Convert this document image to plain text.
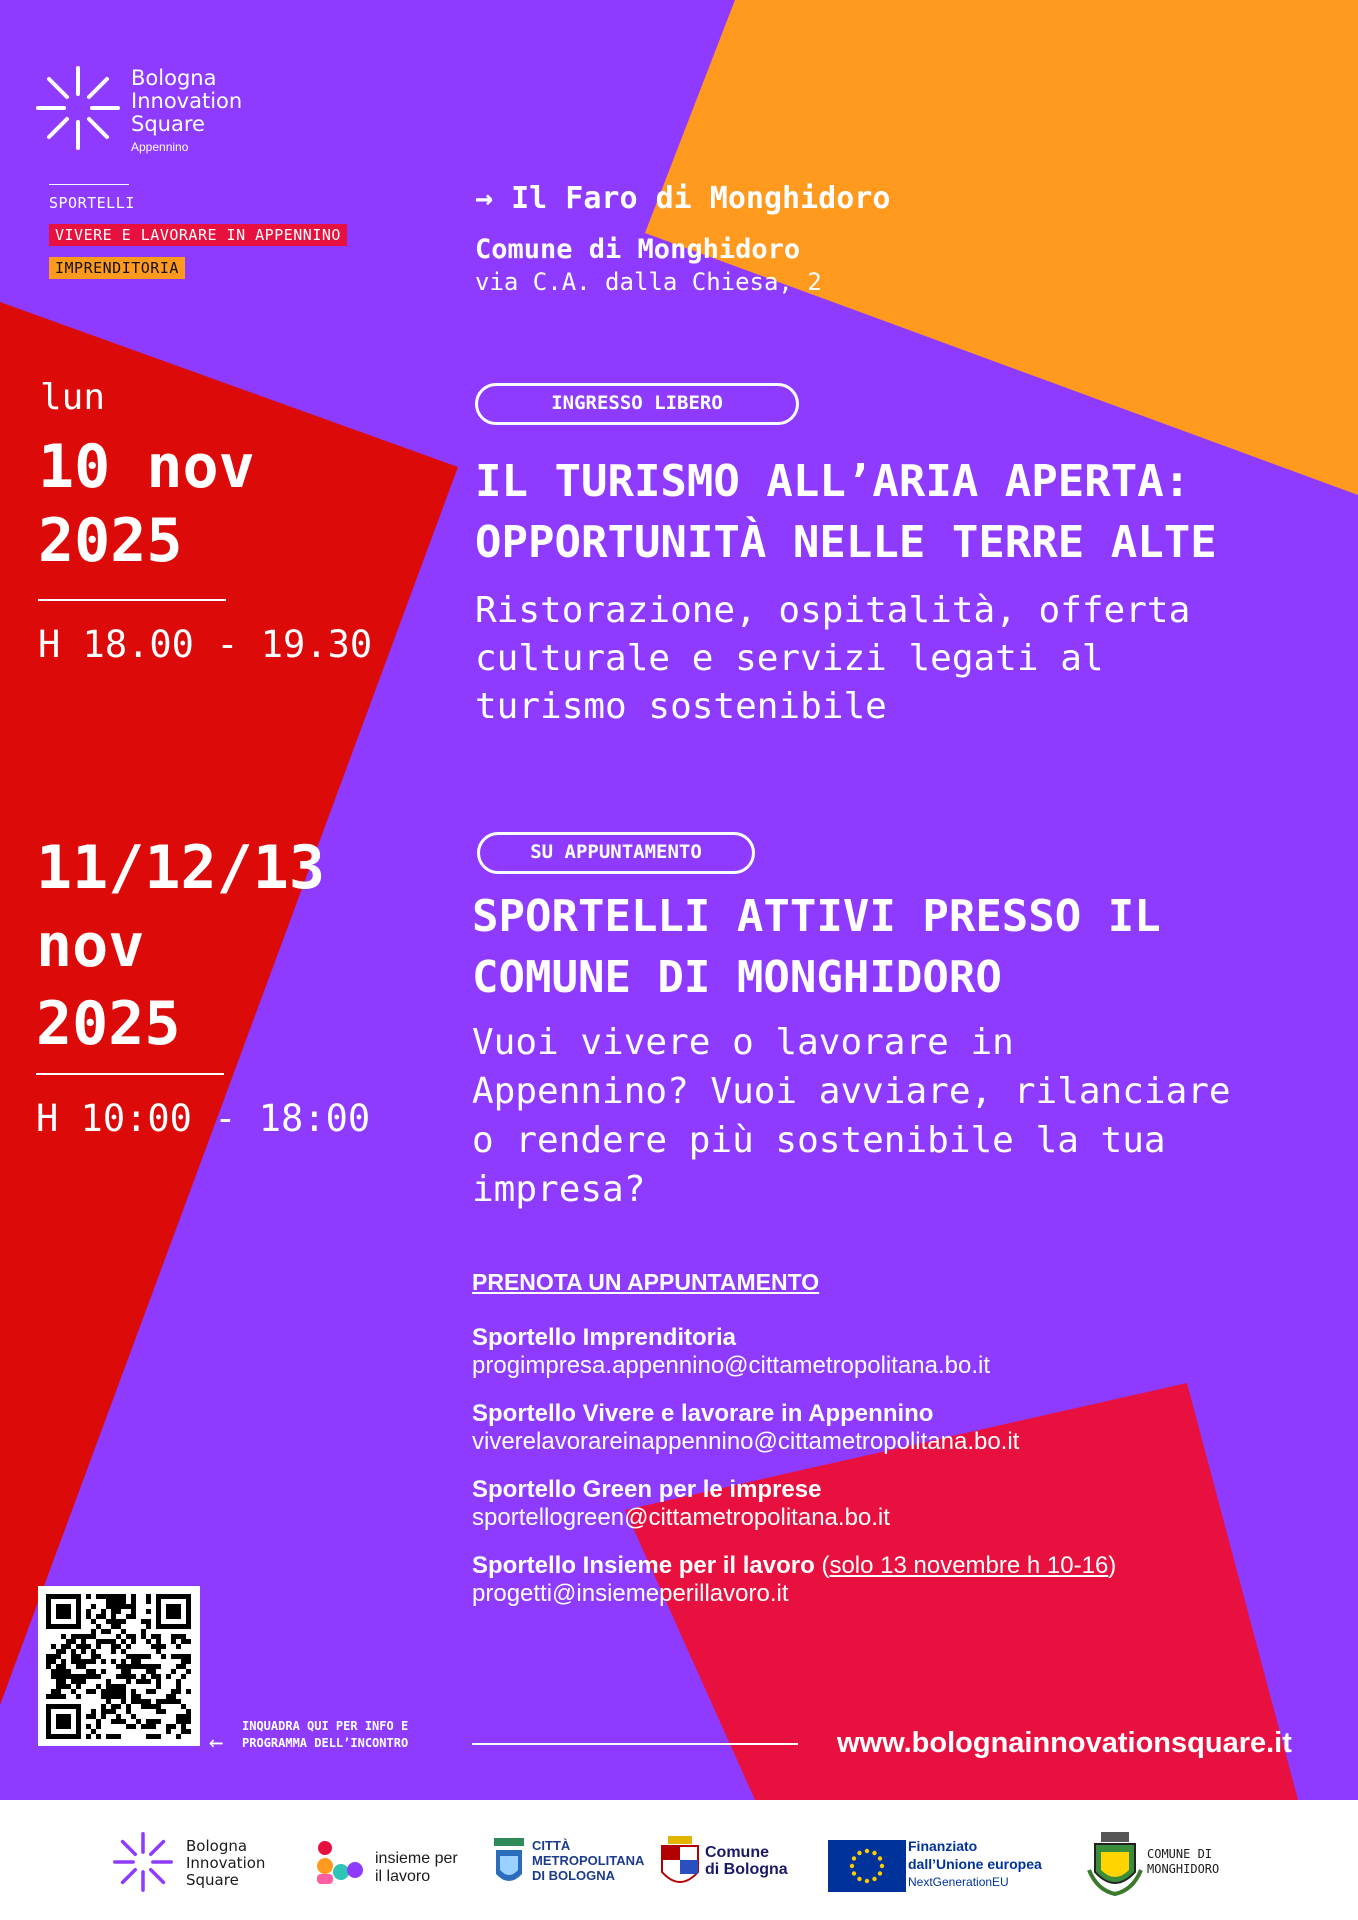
Bologna
Innovation
Square
Appennino
SPORTELLI
VIVERE E LAVORARE IN APPENNINO
IMPRENDITORIA
→ Il Faro di Monghidoro
Comune di Monghidoro
via C.A. dalla Chiesa, 2
lun
10 nov
2025
H 18.00 - 19.30
INGRESSO LIBERO
IL TURISMO ALL’ARIA APERTA:
OPPORTUNITÀ NELLE TERRE ALTE
Ristorazione, ospitalità, offerta
culturale e servizi legati al
turismo sostenibile
11/12/13
nov
2025
H 10:00 - 18:00
SU APPUNTAMENTO
SPORTELLI ATTIVI PRESSO IL
COMUNE DI MONGHIDORO
Vuoi vivere o lavorare in
Appennino? Vuoi avviare, rilanciare
o rendere più sostenibile la tua
impresa?
PRENOTA UN APPUNTAMENTO
Sportello Imprenditoria
progimpresa.appennino@cittametropolitana.bo.it
Sportello Vivere e lavorare in Appennino
viverelavorareinappennino@cittametropolitana.bo.it
Sportello Green per le imprese
sportellogreen@cittametropolitana.bo.it
Sportello Insieme per il lavoro (solo 13 novembre h 10-16)
progetti@insiemeperillavoro.it
←
INQUADRA QUI PER INFO E
PROGRAMMA DELL’INCONTRO	www.bolognainnovationsquare.it
Bologna
Innovation
Square
insieme per
il lavoro
CITTÀ
METROPOLITANA
DI BOLOGNA
Comune
di Bologna
Finanziato
dall’Unione europea
NextGenerationEU
COMUNE DI
MONGHIDORO
